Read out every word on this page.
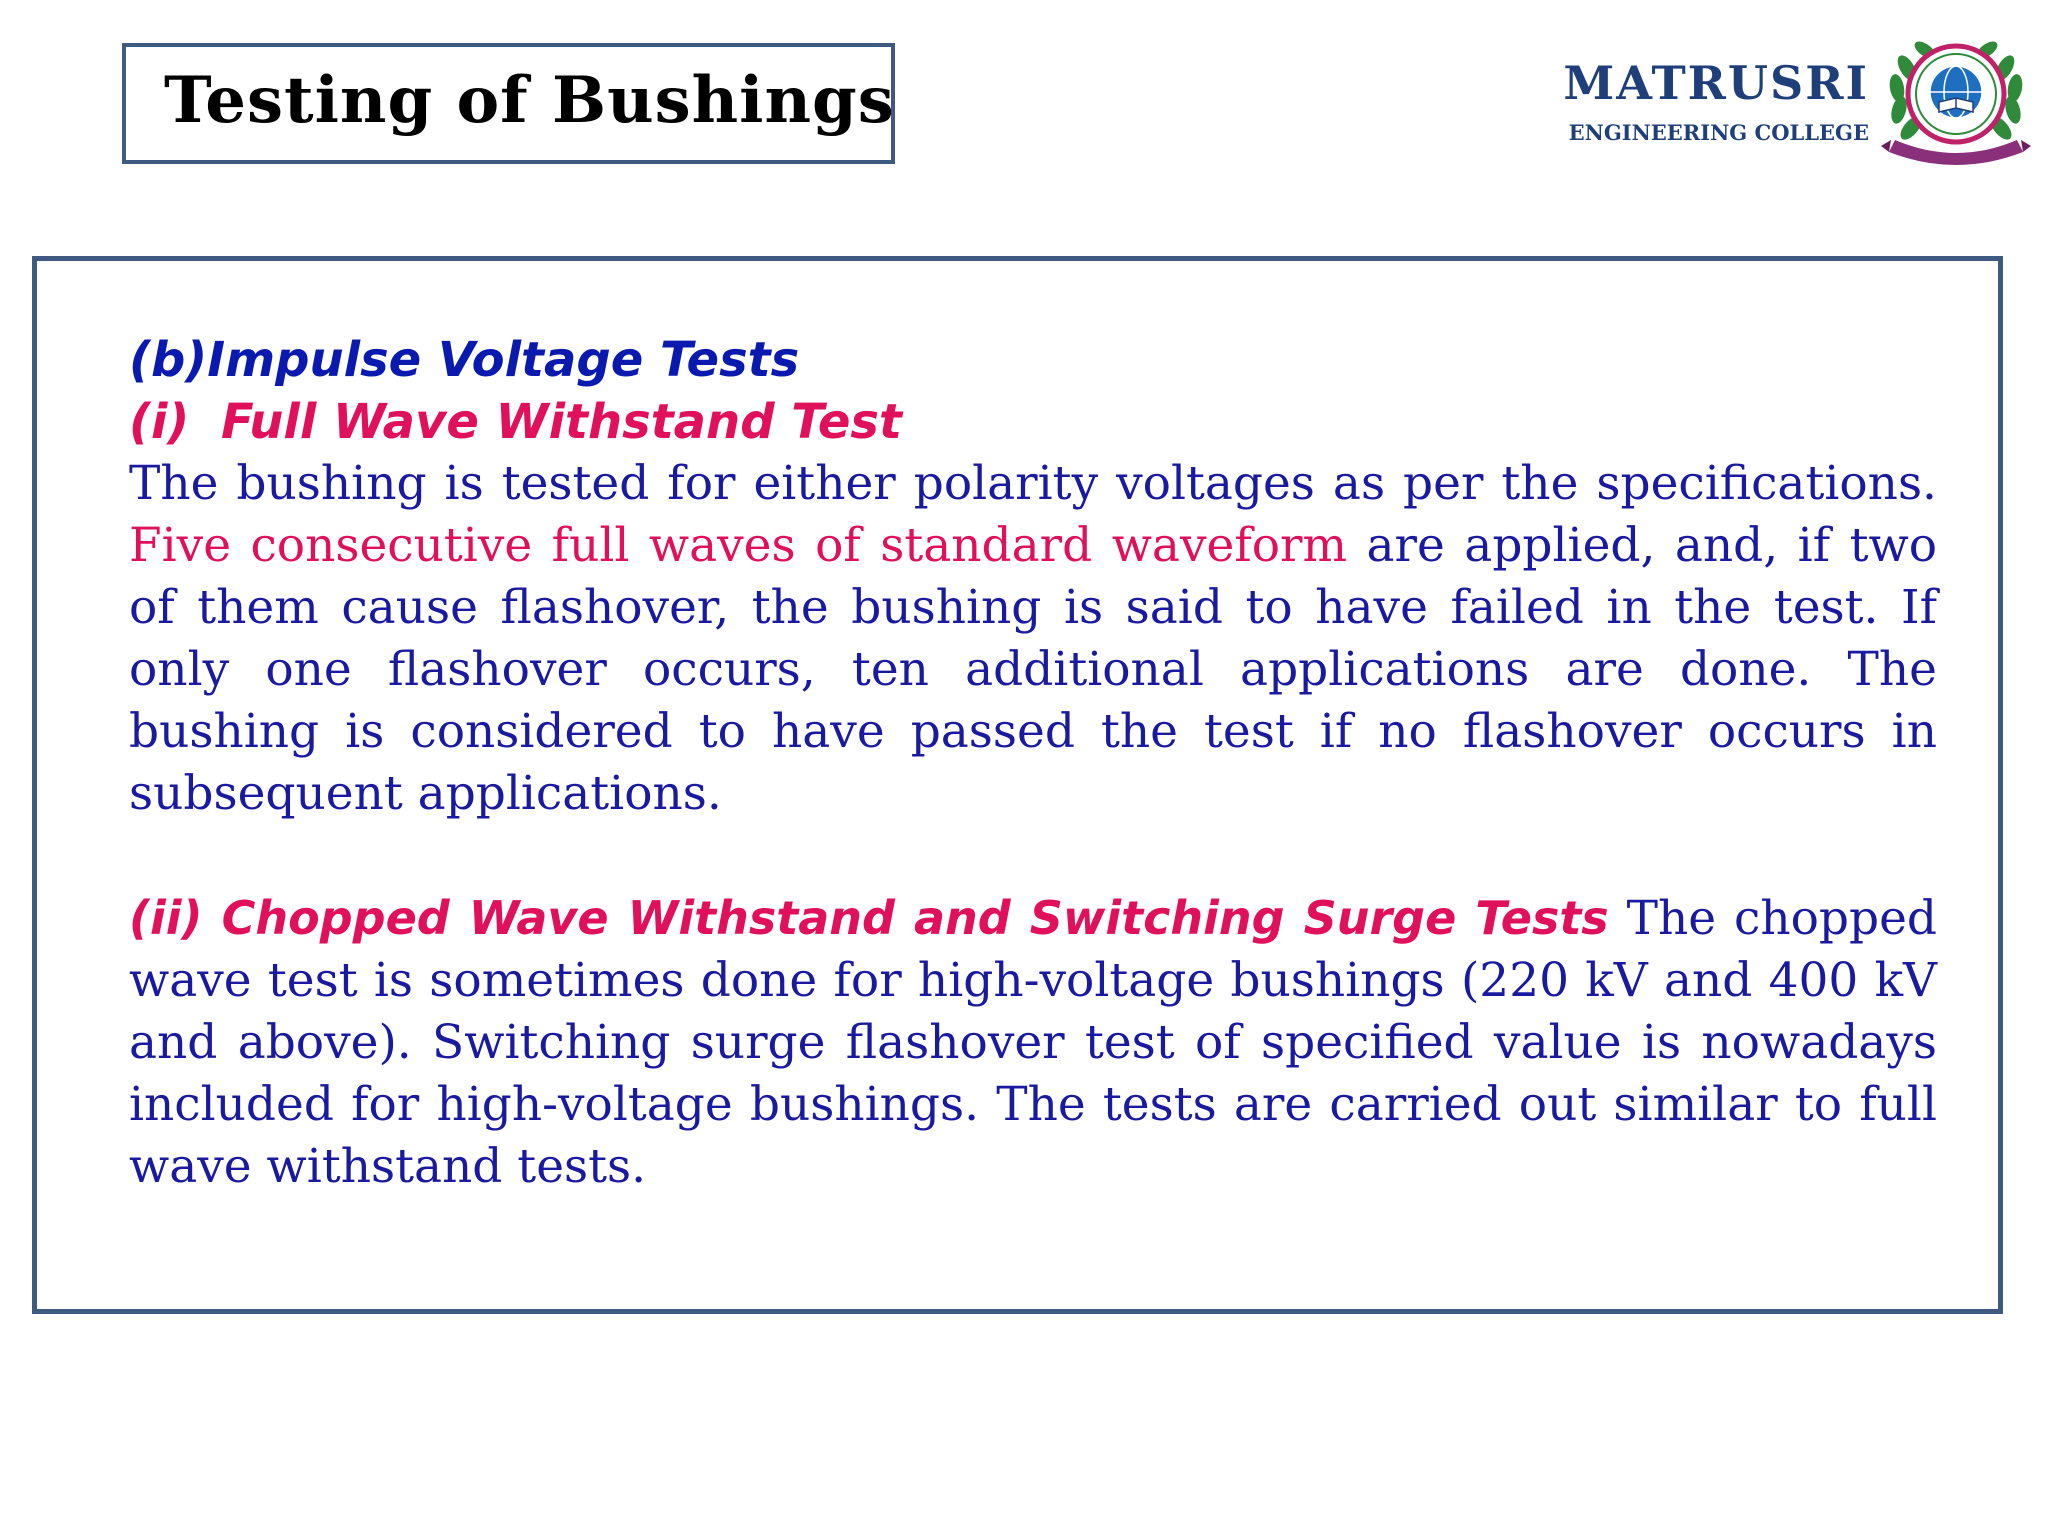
Testing of Bushings	MATRUSRI
ENGINEERING COLLEGE

(b)Impulse Voltage Tests

(i) Full Wave Withstand Test

The bushing is tested for either polarity voltages as per the specifications. Five consecutive full waves of standard waveform are applied, and, if two of them cause flashover, the bushing is said to have failed in the test. If only one flashover occurs, ten additional applications are done. The bushing is considered to have passed the test if no flashover occurs in subsequent applications.

(ii) Chopped Wave Withstand and Switching Surge Tests The chopped wave test is sometimes done for high-voltage bushings (220 kV and 400 kV and above). Switching surge flashover test of specified value is nowadays included for high-voltage bushings. The tests are carried out similar to full wave withstand tests.
